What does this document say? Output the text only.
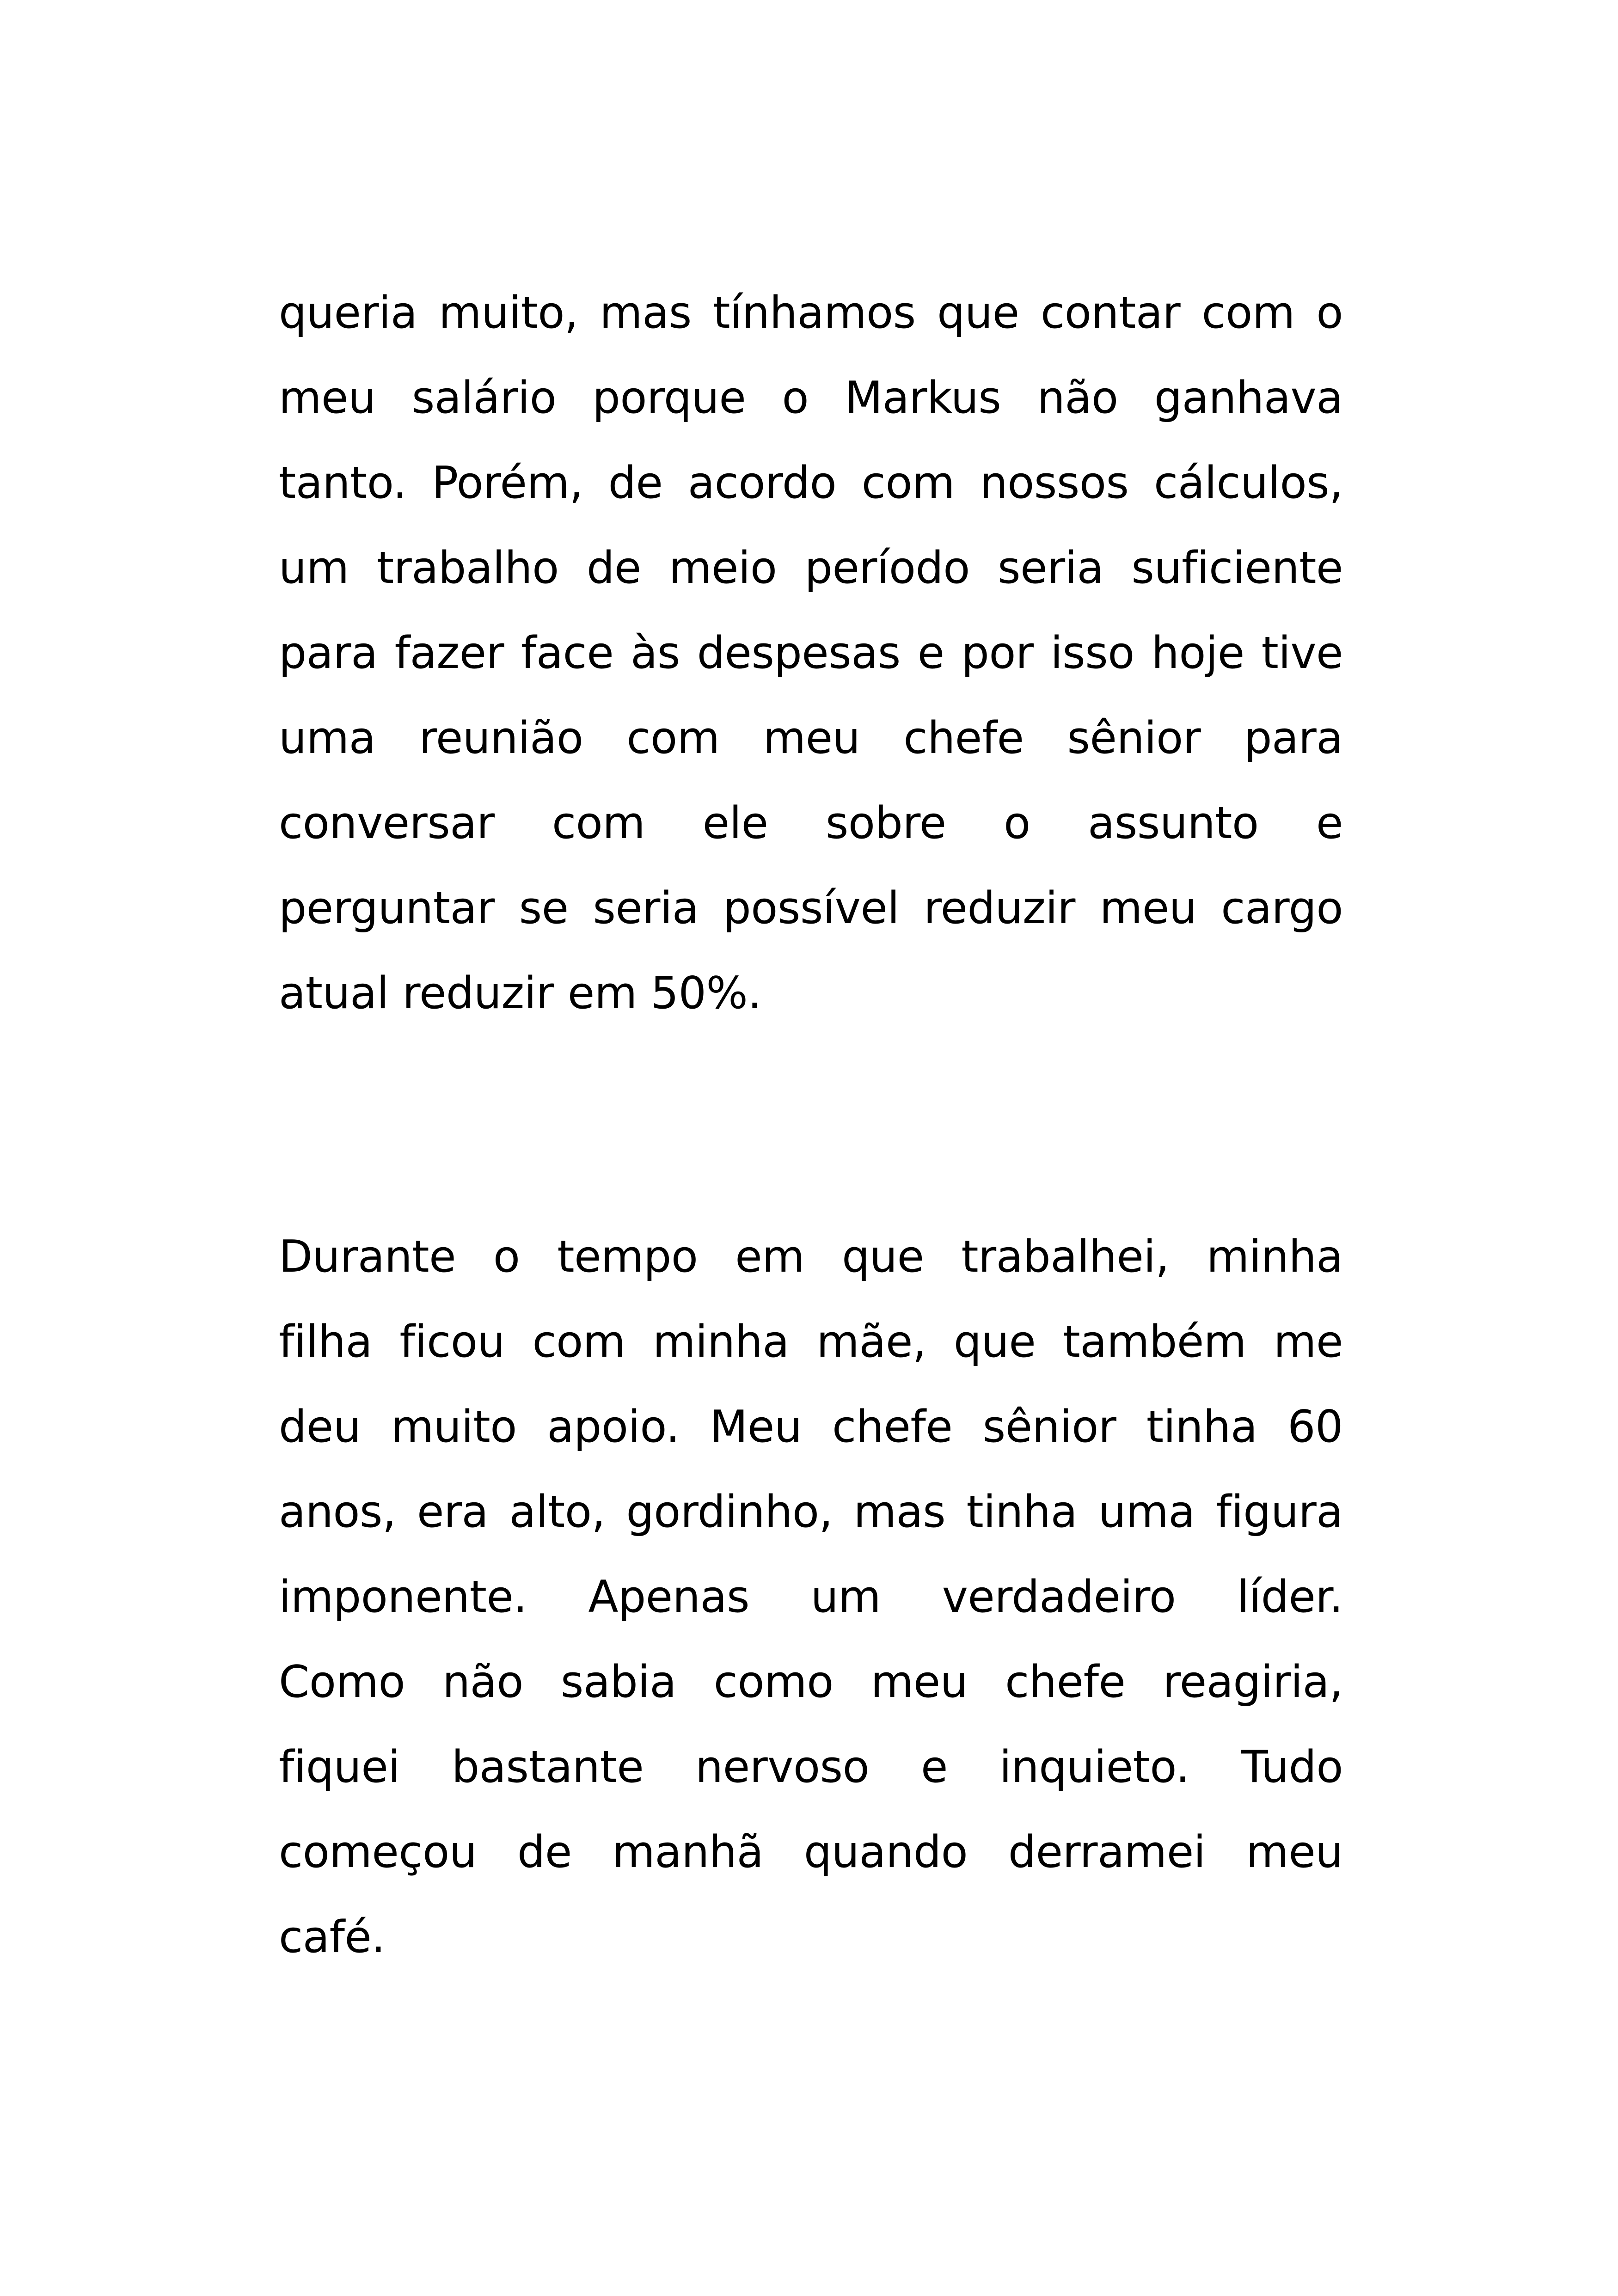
queria muito, mas tínhamos que contar com o
meu salário porque o Markus não ganhava
tanto. Porém, de acordo com nossos cálculos,
um trabalho de meio período seria suficiente
para fazer face às despesas e por isso hoje tive
uma reunião com meu chefe sênior para
conversar com ele sobre o assunto e
perguntar se seria possível reduzir meu cargo
atual reduzir em 50%.
Durante o tempo em que trabalhei, minha
filha ficou com minha mãe, que também me
deu muito apoio. Meu chefe sênior tinha 60
anos, era alto, gordinho, mas tinha uma figura
imponente. Apenas um verdadeiro líder.
Como não sabia como meu chefe reagiria,
fiquei bastante nervoso e inquieto. Tudo
começou de manhã quando derramei meu
café.
